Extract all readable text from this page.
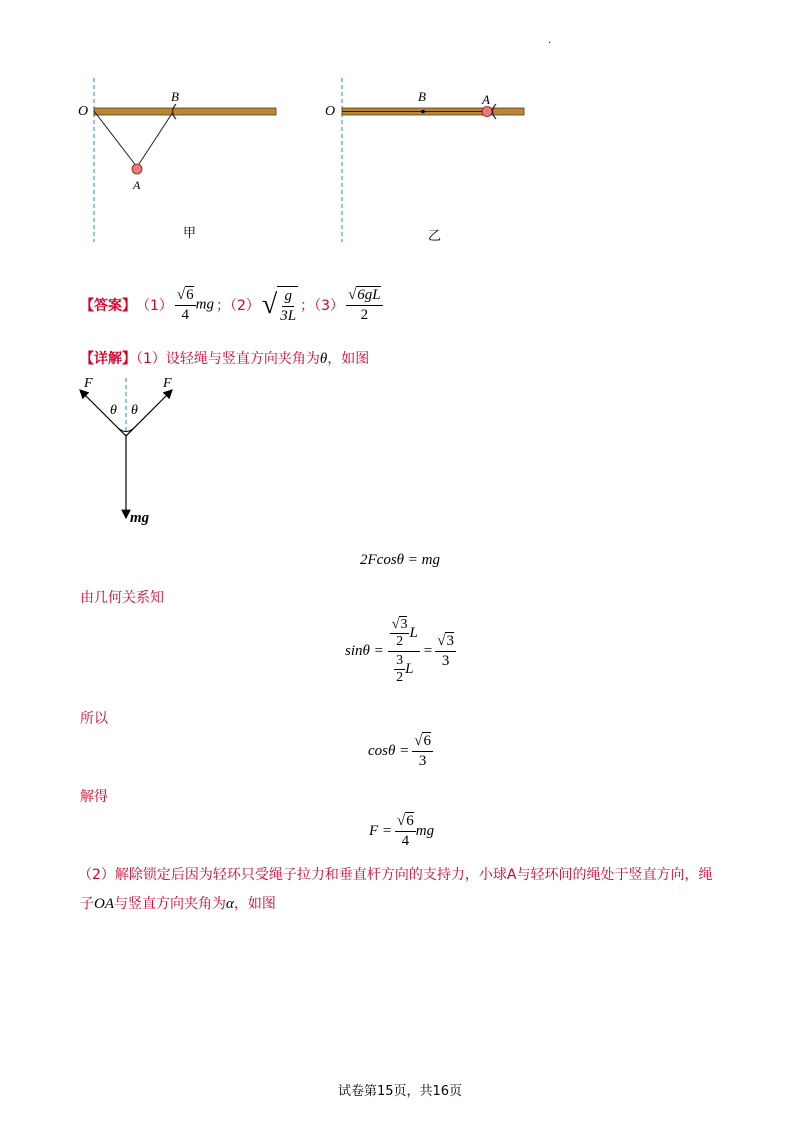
·
O
B
A
甲
O
B	A
乙
【答案】 $(1) \frac{√6}{4}$ mg ；（2） √ $\frac{g}{3L}$ ；$(3) \frac{√6gL}{2}$
【详解】（1）设轻绳与竖直方向夹角为θ，如图
F	F
θ θ
mg
2Fcosθ = mg
由几何关系知
$\sin\theta = \frac{\frac{√3}{2} L}{\frac{3}{2} L} = \frac{√3}{3}$
所以
$\cos\theta = \frac{√6}{3}$
解得
$F = \frac{√6}{4}$ mg
（2）解除锁定后因为轻环只受绳子拉力和垂直杆方向的支持力，小球A与轻环间的绳处于竖直方向，绳
子OA与竖直方向夹角为α，如图
试卷第15页，共16页
